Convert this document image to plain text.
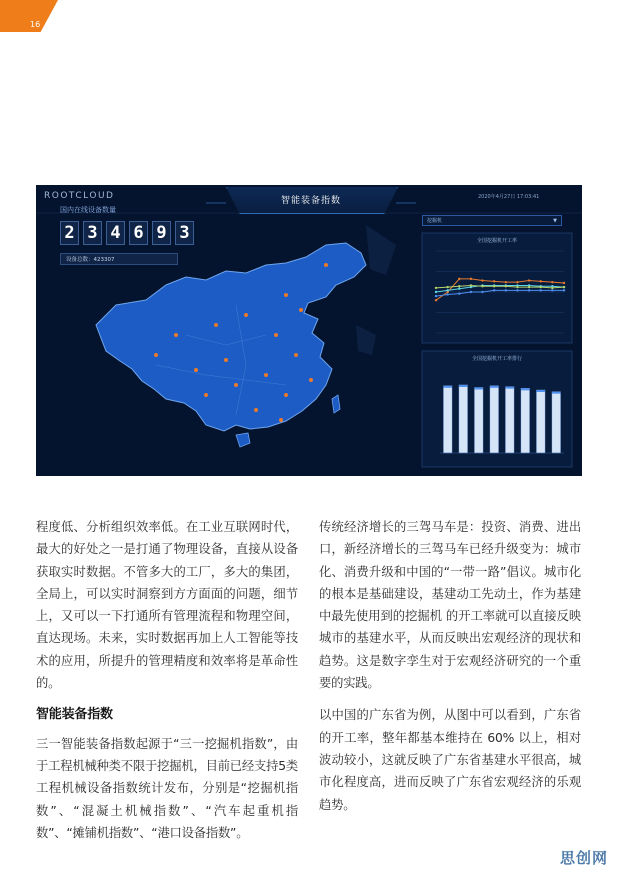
16
ROOTCLOUD	智能装备指数	2020年4月27日 17:03:41
国内在线设备数量
2 3 4 6 9 3
设备总数：423307
挖掘机	▼
全国挖掘机开工率
全国挖掘机开工率排行

程度低、分析组织效率低。在工业互联网时代，最大的好处之一是打通了物理设备，直接从设备获取实时数据。不管多大的工厂，多大的集团，全局上，可以实时洞察到方方面面的问题，细节上，又可以一下打通所有管理流程和物理空间，直达现场。未来，实时数据再加上人工智能等技术的应用，所提升的管理精度和效率将是革命性的。

智能装备指数

三一智能装备指数起源于“三一挖掘机指数”，由于工程机械种类不限于挖掘机，目前已经支持5类工程机械设备指数统计发布，分别是“挖掘机指数”、“混凝土机械指数”、“汽车起重机指数”、“摊铺机指数”、“港口设备指数”。

传统经济增长的三驾马车是：投资、消费、进出口，新经济增长的三驾马车已经升级变为：城市化、消费升级和中国的“一带一路”倡议。城市化的根本是基础建设，基建动工先动土，作为基建中最先使用到的挖掘机 的开工率就可以直接反映城市的基建水平，从而反映出宏观经济的现状和趋势。这是数字孪生对于宏观经济研究的一个重要的实践。

以中国的广东省为例，从图中可以看到，广东省的开工率，整年都基本维持在 60% 以上，相对波动较小，这就反映了广东省基建水平很高，城市化程度高，进而反映了广东省宏观经济的乐观趋势。

思创网
